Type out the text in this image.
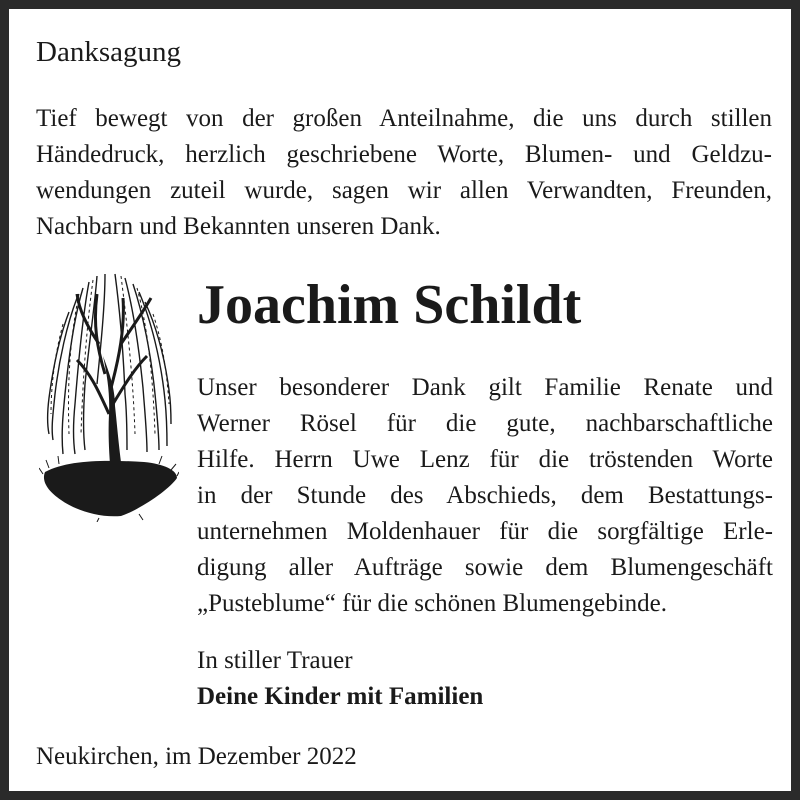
Danksagung
Tief bewegt von der großen Anteilnahme, die uns durch stillen
Händedruck, herzlich geschriebene Worte, Blumen- und Geldzu-
wendungen zuteil wurde, sagen wir allen Verwandten, Freunden,
Nachbarn und Bekannten unseren Dank.
Joachim Schildt
Unser besonderer Dank gilt Familie Renate und
Werner Rösel für die gute, nachbarschaftliche
Hilfe. Herrn Uwe Lenz für die tröstenden Worte
in der Stunde des Abschieds, dem Bestattungs-
unternehmen Moldenhauer für die sorgfältige Erle-
digung aller Aufträge sowie dem Blumengeschäft
„Pusteblume“ für die schönen Blumengebinde.
In stiller Trauer
Deine Kinder mit Familien
Neukirchen, im Dezember 2022
